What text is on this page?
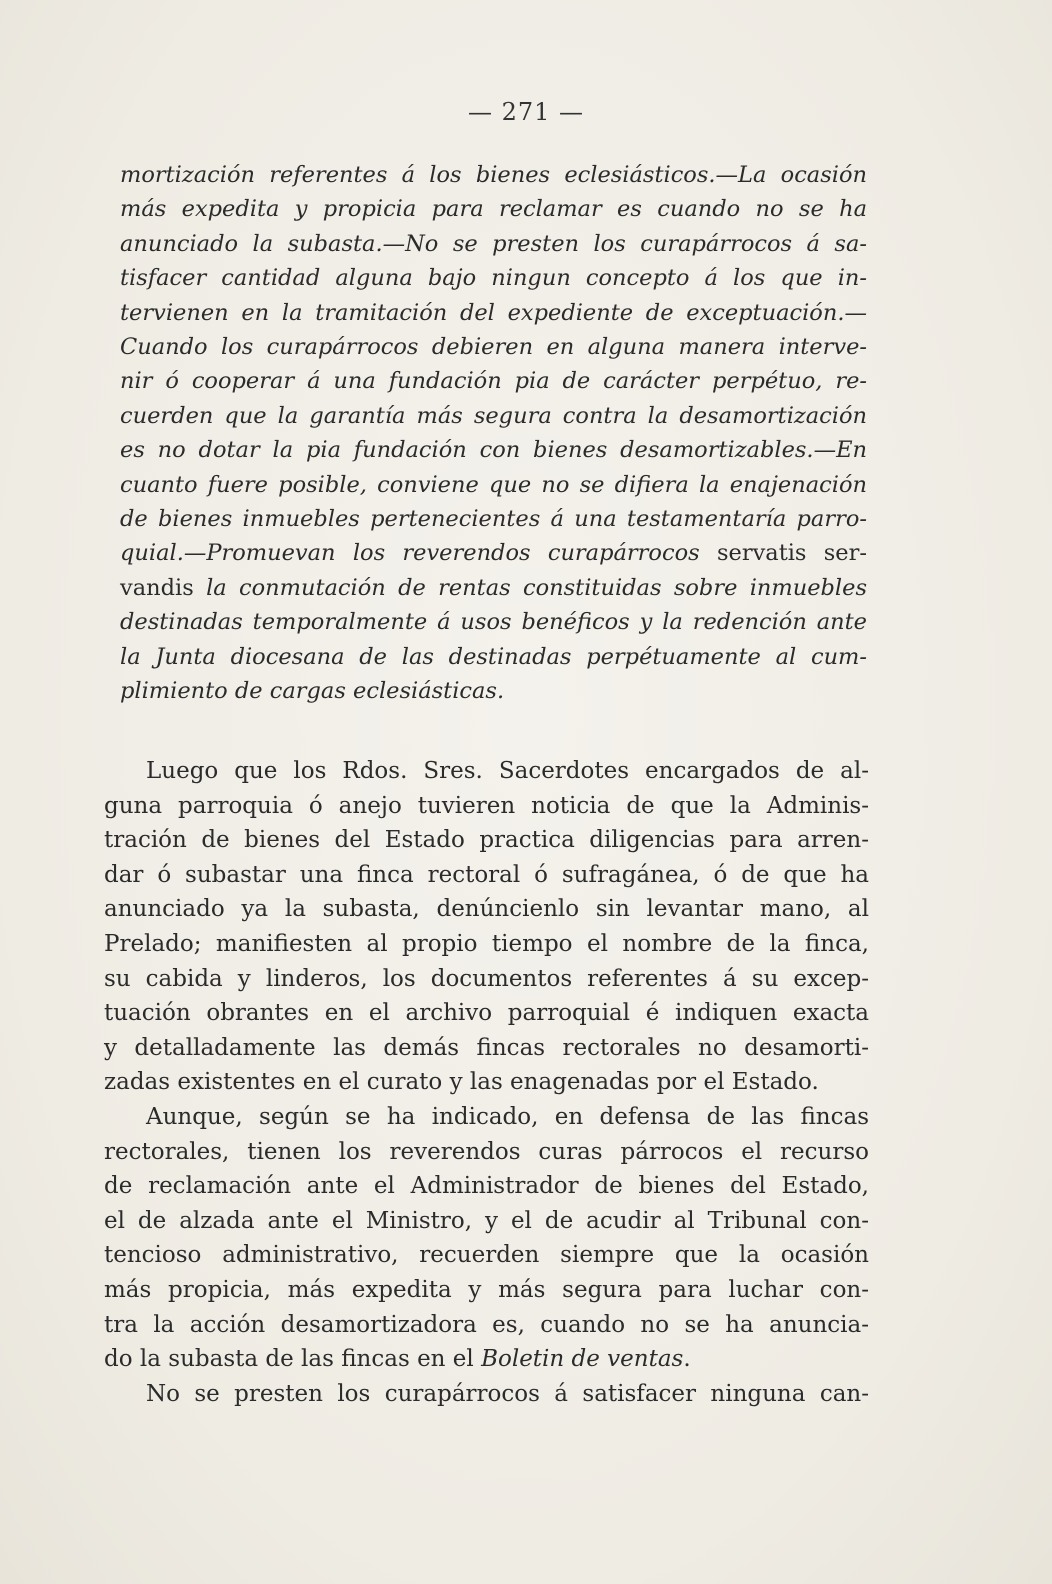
— 271 —
mortización referentes á los bienes eclesiásticos.—La ocasión
más expedita y propicia para reclamar es cuando no se ha
anunciado la subasta.—No se presten los curapárrocos á sa-
tisfacer cantidad alguna bajo ningun concepto á los que in-
tervienen en la tramitación del expediente de exceptuación.—
Cuando los curapárrocos debieren en alguna manera interve-
nir ó cooperar á una fundación pia de carácter perpétuo, re-
cuerden que la garantía más segura contra la desamortización
es no dotar la pia fundación con bienes desamortizables.—En
cuanto fuere posible, conviene que no se difiera la enajenación
de bienes inmuebles pertenecientes á una testamentaría parro-
quial.—Promuevan los reverendos curapárrocos servatis ser-
vandis la conmutación de rentas constituidas sobre inmuebles
destinadas temporalmente á usos benéficos y la redención ante
la Junta diocesana de las destinadas perpétuamente al cum-
plimiento de cargas eclesiásticas.
Luego que los Rdos. Sres. Sacerdotes encargados de al-
guna parroquia ó anejo tuvieren noticia de que la Adminis-
tración de bienes del Estado practica diligencias para arren-
dar ó subastar una finca rectoral ó sufragánea, ó de que ha
anunciado ya la subasta, denúncienlo sin levantar mano, al
Prelado; manifiesten al propio tiempo el nombre de la finca,
su cabida y linderos, los documentos referentes á su excep-
tuación obrantes en el archivo parroquial é indiquen exacta
y detalladamente las demás fincas rectorales no desamorti-
zadas existentes en el curato y las enagenadas por el Estado.
Aunque, según se ha indicado, en defensa de las fincas
rectorales, tienen los reverendos curas párrocos el recurso
de reclamación ante el Administrador de bienes del Estado,
el de alzada ante el Ministro, y el de acudir al Tribunal con-
tencioso administrativo, recuerden siempre que la ocasión
más propicia, más expedita y más segura para luchar con-
tra la acción desamortizadora es, cuando no se ha anuncia-
do la subasta de las fincas en el Boletin de ventas.
No se presten los curapárrocos á satisfacer ninguna can-
